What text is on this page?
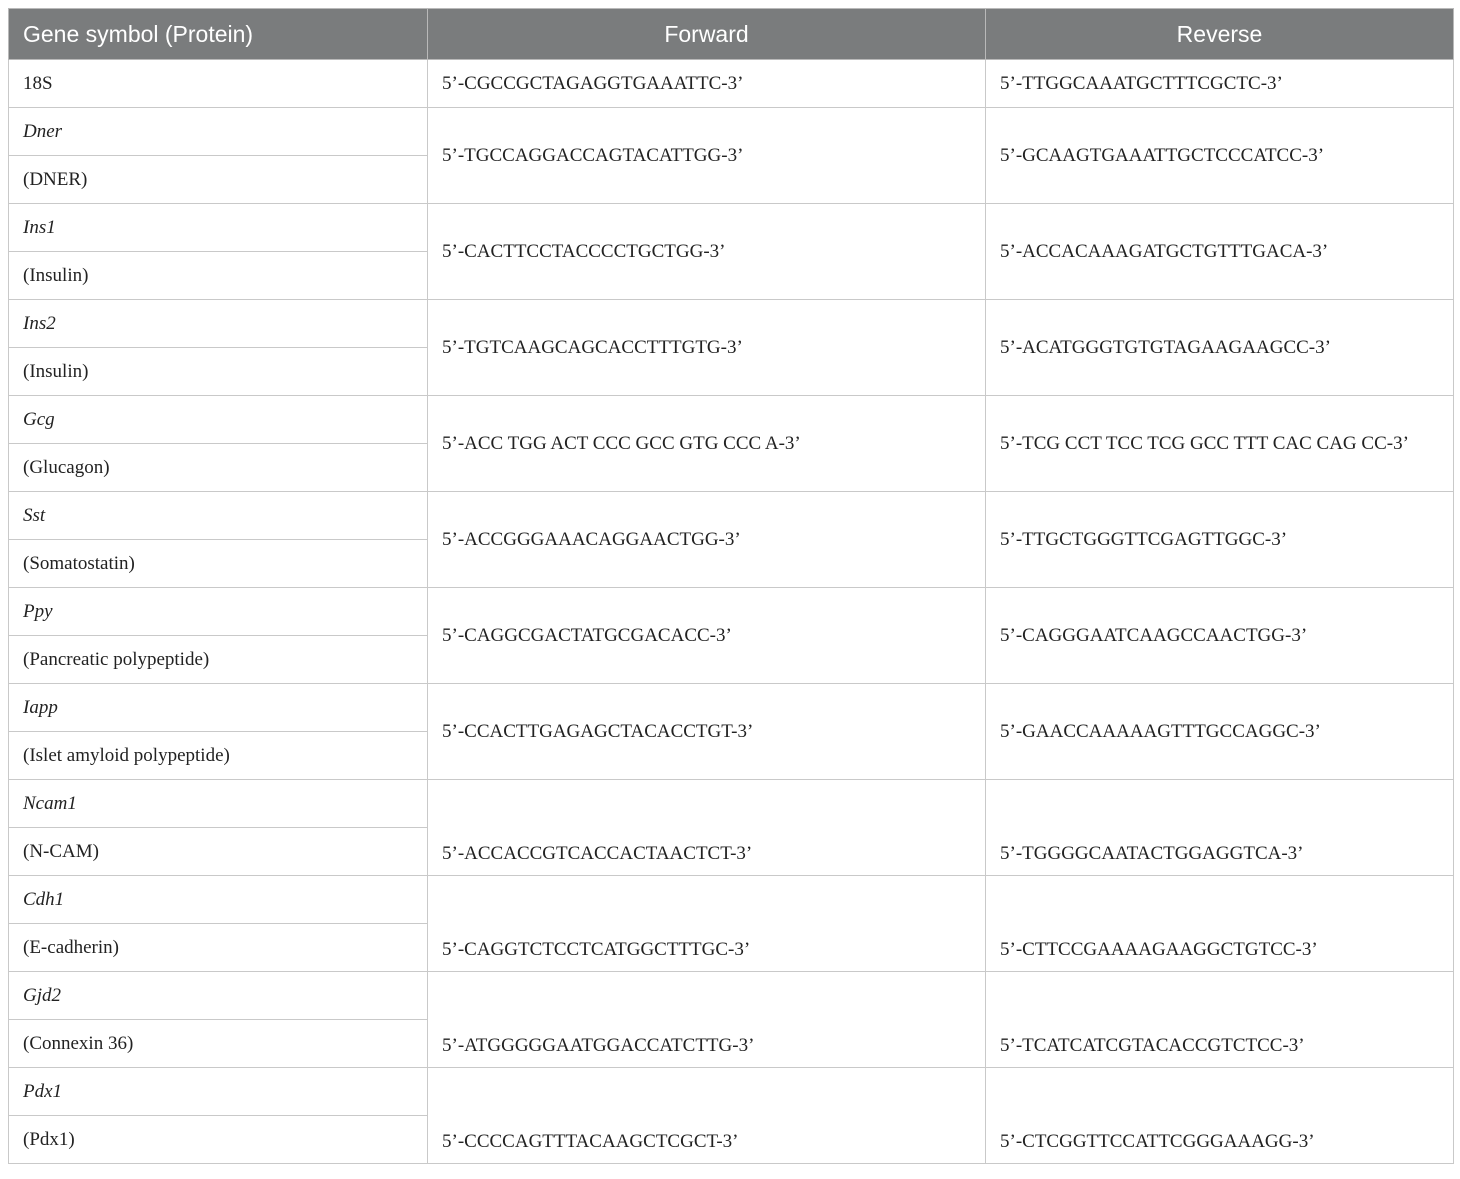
Gene symbol (Protein)	Forward	Reverse
18S	5’-CGCCGCTAGAGGTGAAATTC-3’	5’-TTGGCAAATGCTTTCGCTC-3’
Dner	5’-TGCCAGGACCAGTACATTGG-3’	5’-GCAAGTGAAATTGCTCCCATCC-3’
(DNER)		
Ins1	5’-CACTTCCTACCCCTGCTGG-3’	5’-ACCACAAAGATGCTGTTTGACA-3’
(Insulin)		
Ins2	5’-TGTCAAGCAGCACCTTTGTG-3’	5’-ACATGGGTGTGTAGAAGAAGCC-3’
(Insulin)		
Gcg	5’-ACC TGG ACT CCC GCC GTG CCC A-3’	5’-TCG CCT TCC TCG GCC TTT CAC CAG CC-3’
(Glucagon)		
Sst	5’-ACCGGGAAACAGGAACTGG-3’	5’-TTGCTGGGTTCGAGTTGGC-3’
(Somatostatin)		
Ppy	5’-CAGGCGACTATGCGACACC-3’	5’-CAGGGAATCAAGCCAACTGG-3’
(Pancreatic polypeptide)		
Iapp	5’-CCACTTGAGAGCTACACCTGT-3’	5’-GAACCAAAAAGTTTGCCAGGC-3’
(Islet amyloid polypeptide)		
Ncam1	5’-ACCACCGTCACCACTAACTCT-3’	5’-TGGGGCAATACTGGAGGTCA-3’
(N-CAM)		
Cdh1	5’-CAGGTCTCCTCATGGCTTTGC-3’	5’-CTTCCGAAAAGAAGGCTGTCC-3’
(E-cadherin)		
Gjd2	5’-ATGGGGGAATGGACCATCTTG-3’	5’-TCATCATCGTACACCGTCTCC-3’
(Connexin 36)		
Pdx1	5’-CCCCAGTTTACAAGCTCGCT-3’	5’-CTCGGTTCCATTCGGGAAAGG-3’
(Pdx1)		
